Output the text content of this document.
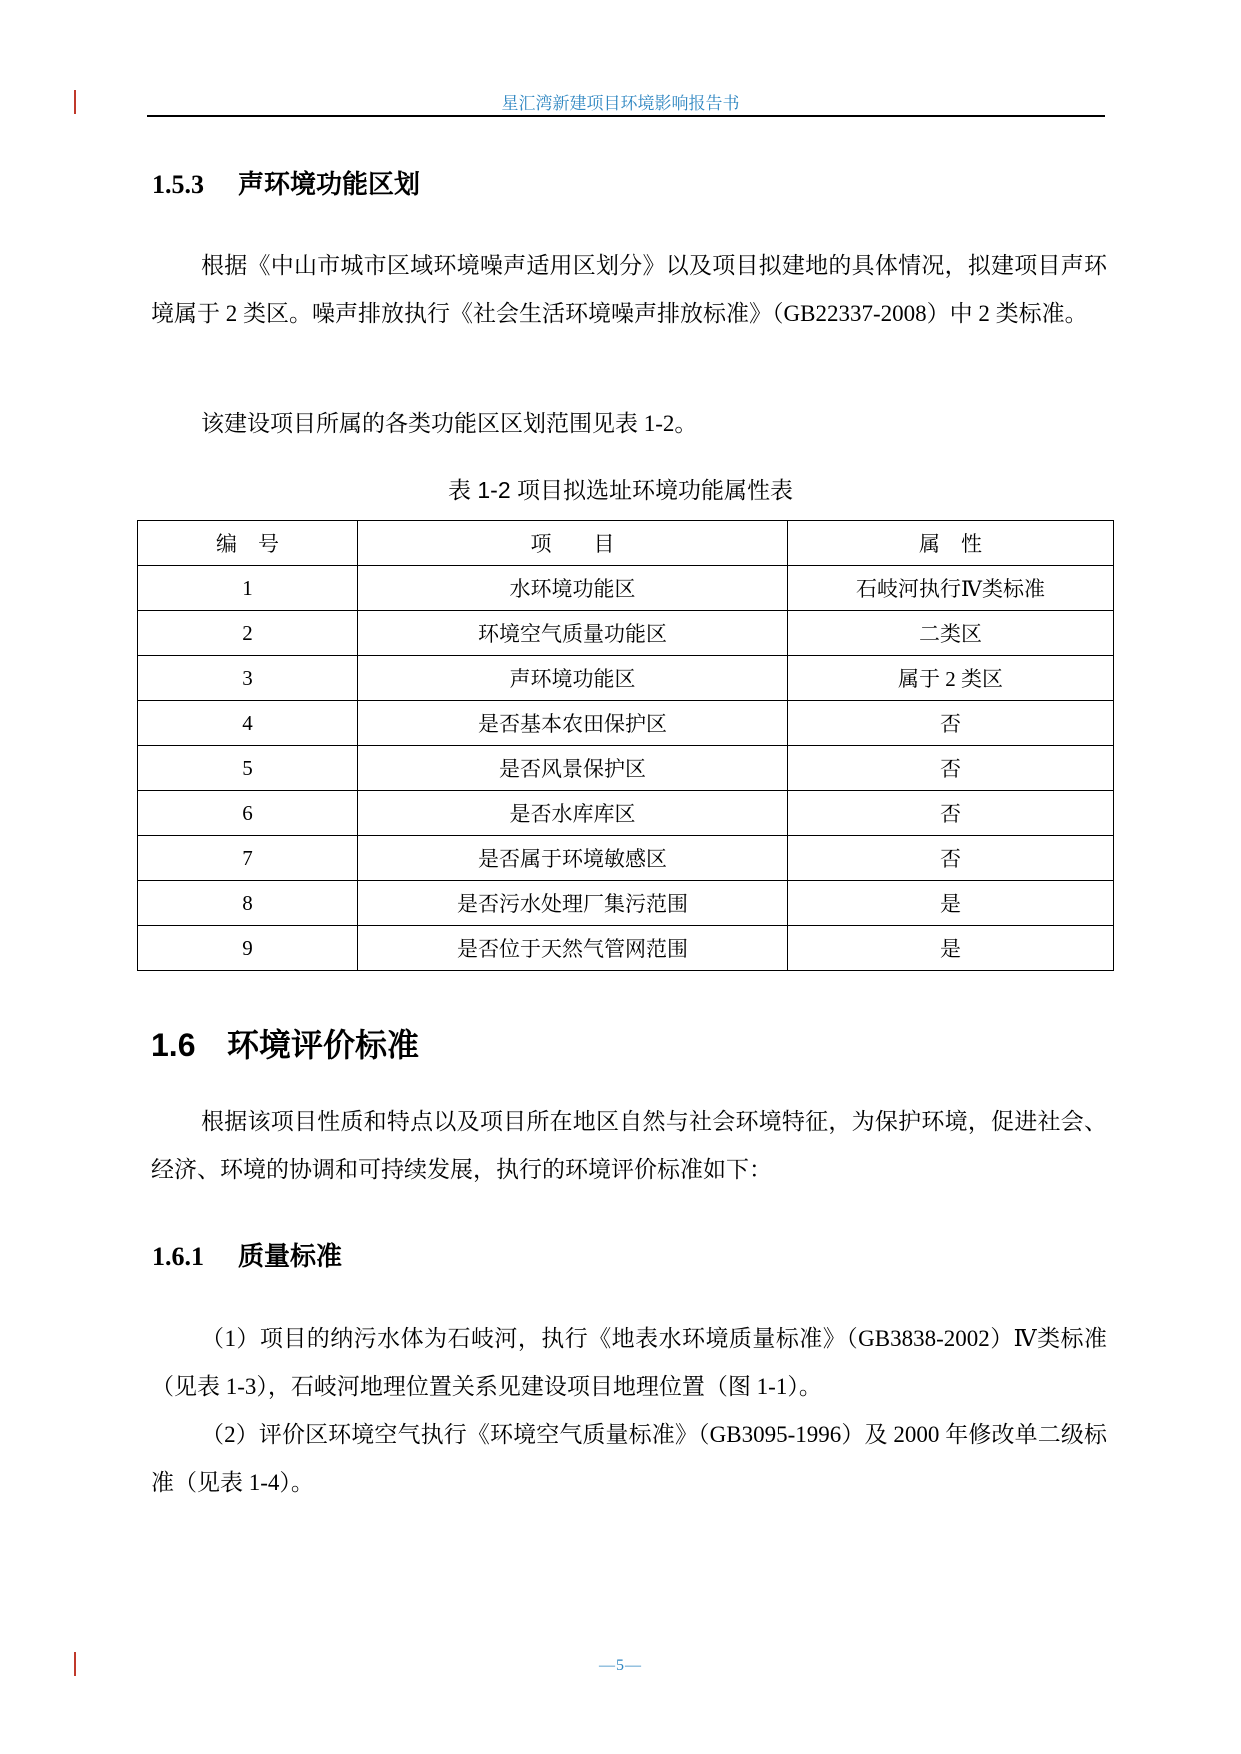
星汇湾新建项目环境影响报告书
1.5.3 声环境功能区划
根据《中山市城市区域环境噪声适用区划分》以及项目拟建地的具体情况，拟建项目声环境属于 2 类区。噪声排放执行《社会生活环境噪声排放标准》（GB22337-2008）中 2 类标准。
该建设项目所属的各类功能区区划范围见表 1-2。
表 1-2 项目拟选址环境功能属性表
编　号	项　　目	属　性
1	水环境功能区	石岐河执行Ⅳ类标准
2	环境空气质量功能区	二类区
3	声环境功能区	属于 2 类区
4	是否基本农田保护区	否
5	是否风景保护区	否
6	是否水库库区	否
7	是否属于环境敏感区	否
8	是否污水处理厂集污范围	是
9	是否位于天然气管网范围	是
1.6 环境评价标准
根据该项目性质和特点以及项目所在地区自然与社会环境特征，为保护环境，促进社会、经济、环境的协调和可持续发展，执行的环境评价标准如下：
1.6.1 质量标准
（1）项目的纳污水体为石岐河，执行《地表水环境质量标准》（GB3838-2002）Ⅳ类标准（见表 1-3），石岐河地理位置关系见建设项目地理位置（图 1-1）。
（2）评价区环境空气执行《环境空气质量标准》（GB3095-1996）及 2000 年修改单二级标准（见表 1-4）。
—5—
